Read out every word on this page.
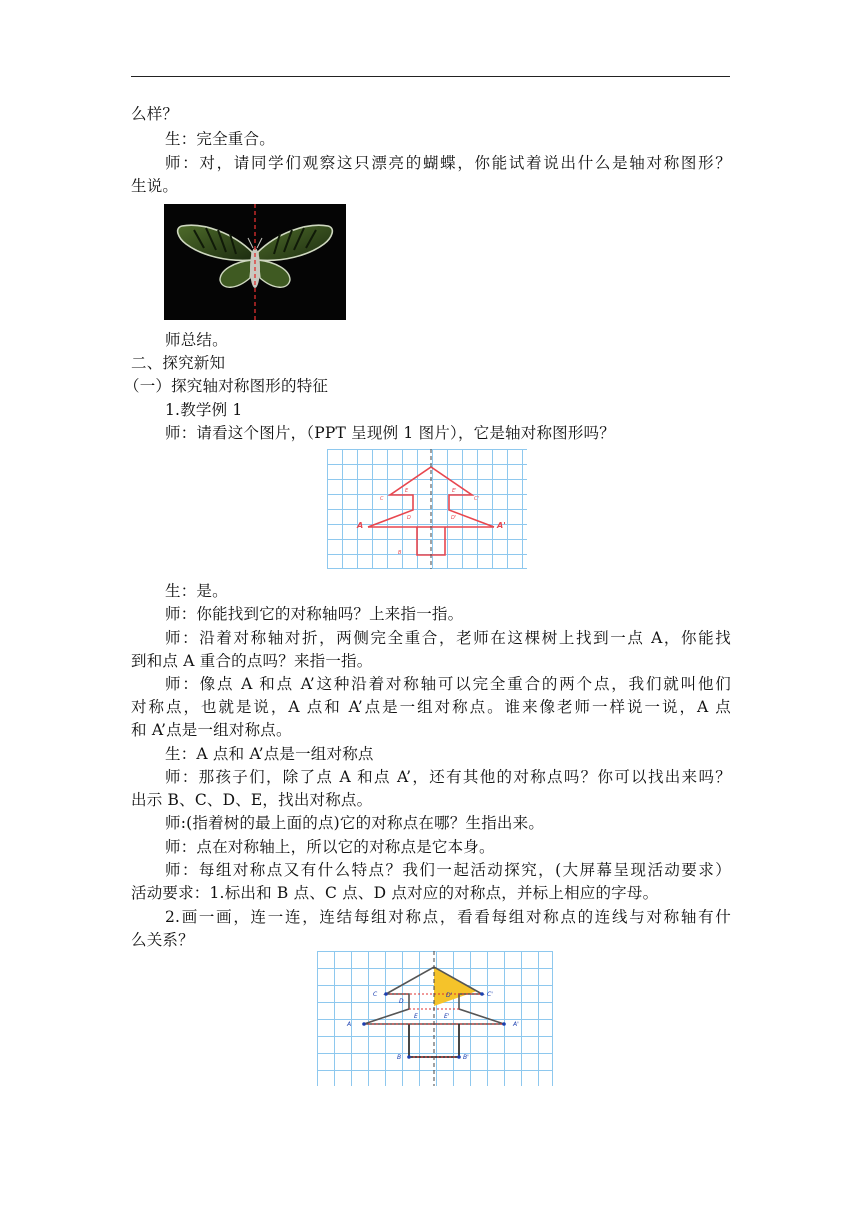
么样？
生：完全重合。
师：对，请同学们观察这只漂亮的蝴蝶，你能试着说出什么是轴对称图形？
生说。
师总结。
二、探究新知
（一）探究轴对称图形的特征
1.教学例 1
师：请看这个图片，（PPT 呈现例 1 图片），它是轴对称图形吗？
A	A'
C	C'
D	D'
E	E'
B
生：是。
师：你能找到它的对称轴吗？上来指一指。
师：沿着对称轴对折，两侧完全重合，老师在这棵树上找到一点 A，你能找
到和点 A 重合的点吗？来指一指。
师：像点 A 和点 A’这种沿着对称轴可以完全重合的两个点，我们就叫他们
对称点，也就是说，A 点和 A’点是一组对称点。谁来像老师一样说一说，A 点
和 A’点是一组对称点。
生：A 点和 A’点是一组对称点
师：那孩子们，除了点 A 和点 A’，还有其他的对称点吗？你可以找出来吗？
出示 B、C、D、E，找出对称点。
师:(指着树的最上面的点)它的对称点在哪？生指出来。
师：点在对称轴上，所以它的对称点是它本身。
师：每组对称点又有什么特点？我们一起活动探究，(大屏幕呈现活动要求）
活动要求：1.标出和 B 点、C 点、D 点对应的对称点，并标上相应的字母。
2.画一画，连一连，连结每组对称点，看看每组对称点的连线与对称轴有什
么关系？
A	A'
C	C'
D
D'
E	E'
B	B'
